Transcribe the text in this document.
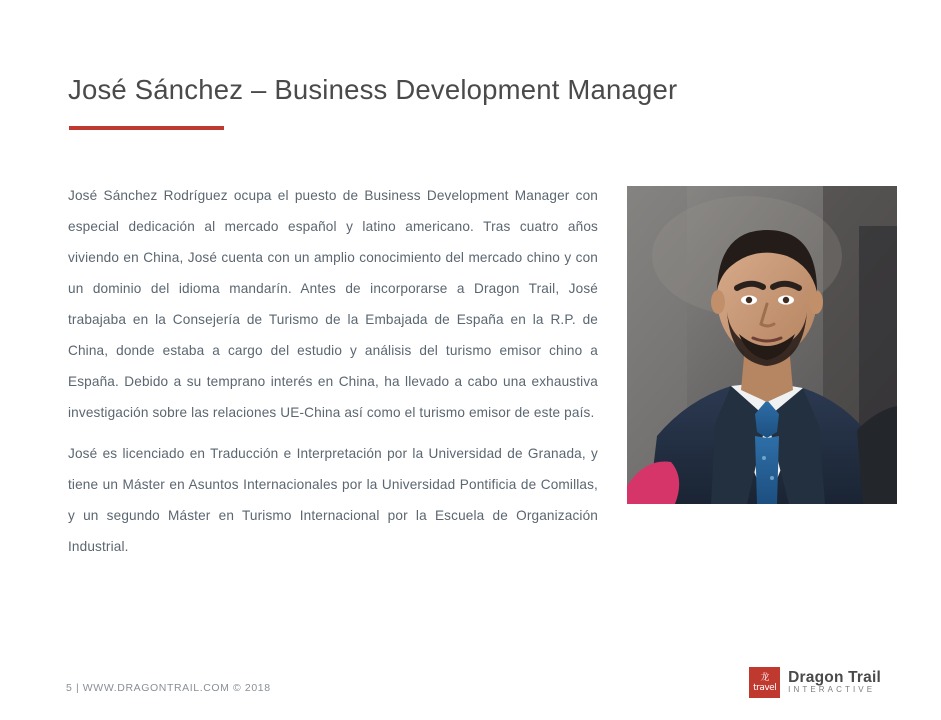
José Sánchez – Business Development Manager

José Sánchez Rodríguez ocupa el puesto de Business Development Manager con especial dedicación al mercado español y latino americano. Tras cuatro años viviendo en China, José cuenta con un amplio conocimiento del mercado chino y con un dominio del idioma mandarín. Antes de incorporarse a Dragon Trail, José trabajaba en la Consejería de Turismo de la Embajada de España en la R.P. de China, donde estaba a cargo del estudio y análisis del turismo emisor chino a España. Debido a su temprano interés en China, ha llevado a cabo una exhaustiva investigación sobre las relaciones UE-China así como el turismo emisor de este país.

José es licenciado en Traducción e Interpretación por la Universidad de Granada, y tiene un Máster en Asuntos Internacionales por la Universidad Pontificia de Comillas, y un segundo Máster en Turismo Internacional por la Escuela de Organización Industrial.

5 | WWW.DRAGONTRAIL.COM © 2018
龙travel
Dragon Trail
INTERACTIVE
